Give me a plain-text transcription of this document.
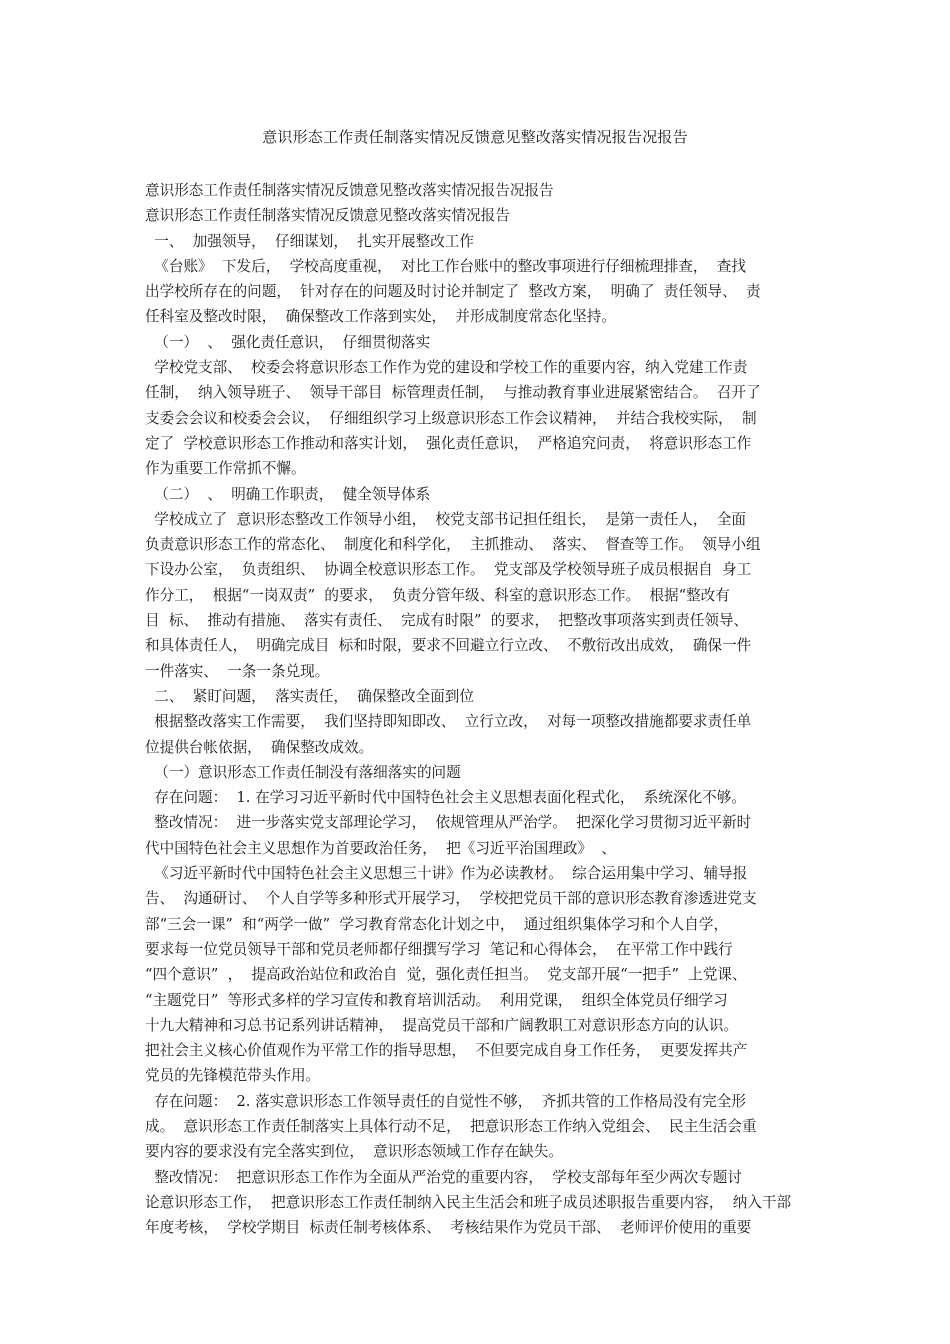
意识形态工作责任制落实情况反馈意见整改落实情况报告况报告
意识形态工作责任制落实情况反馈意见整改落实情况报告况报告
意识形态工作责任制落实情况反馈意见整改落实情况报告
一、  加强领导，  仔细谋划，  扎实开展整改工作
《台账》  下发后，  学校高度重视，  对比工作台账中的整改事项进行仔细梳理排查，  查找
出学校所存在的问题，  针对存在的问题及时讨论并制定了  整改方案，  明确了  责任领导、  责
任科室及整改时限，  确保整改工作落到实处，  并形成制度常态化坚持。
（一）  、  强化责任意识，  仔细贯彻落实
学校党支部、  校委会将意识形态工作作为党的建设和学校工作的重要内容，纳入党建工作责
任制，  纳入领导班子、  领导干部目  标管理责任制，  与推动教育事业进展紧密结合。  召开了
支委会会议和校委会会议，  仔细组织学习上级意识形态工作会议精神，  并结合我校实际，  制
定了  学校意识形态工作推动和落实计划，  强化责任意识，  严格追究问责，  将意识形态工作
作为重要工作常抓不懈。
（二）  、  明确工作职责，  健全领导体系
学校成立了  意识形态整改工作领导小组，  校党支部书记担任组长，  是第一责任人，  全面
负责意识形态工作的常态化、  制度化和科学化，  主抓推动、  落实、  督查等工作。  领导小组
下设办公室，  负责组织、  协调全校意识形态工作。  党支部及学校领导班子成员根据自  身工
作分工，  根据“一岗双责”  的要求，  负责分管年级、科室的意识形态工作。  根据“整改有
目  标、  推动有措施、  落实有责任、  完成有时限”  的要求，  把整改事项落实到责任领导、
和具体责任人，  明确完成目  标和时限，要求不回避立行立改、  不敷衍改出成效，  确保一件
一件落实、  一条一条兑现。
二、  紧盯问题，  落实责任，  确保整改全面到位
根据整改落实工作需要，  我们坚持即知即改、  立行立改，  对每一项整改措施都要求责任单
位提供台帐依据，  确保整改成效。
（一）意识形态工作责任制没有落细落实的问题
存在问题：  1. 在学习习近平新时代中国特色社会主义思想表面化程式化，  系统深化不够。
整改情况：  进一步落实党支部理论学习，  依规管理从严治学。  把深化学习贯彻习近平新时
代中国特色社会主义思想作为首要政治任务，  把《习近平治国理政》  、
《习近平新时代中国特色社会主义思想三十讲》作为必读教材。  综合运用集中学习、辅导报
告、  沟通研讨、  个人自学等多种形式开展学习，  学校把党员干部的意识形态教育渗透进党支
部“三会一课”  和“两学一做”  学习教育常态化计划之中，  通过组织集体学习和个人自学，
要求每一位党员领导干部和党员老师都仔细撰写学习  笔记和心得体会，  在平常工作中践行
“四个意识”  ，  提高政治站位和政治自  觉，强化责任担当。  党支部开展“一把手”  上党课、
“主题党日”  等形式多样的学习宣传和教育培训活动。  利用党课，  组织全体党员仔细学习
十九大精神和习总书记系列讲话精神，  提高党员干部和广阔教职工对意识形态方向的认识。
把社会主义核心价值观作为平常工作的指导思想，  不但要完成自身工作任务，  更要发挥共产
党员的先锋模范带头作用。
存在问题：  2. 落实意识形态工作领导责任的自觉性不够，  齐抓共管的工作格局没有完全形
成。  意识形态工作责任制落实上具体行动不足，  把意识形态工作纳入党组会、  民主生活会重
要内容的要求没有完全落实到位，  意识形态领域工作存在缺失。
整改情况：  把意识形态工作作为全面从严治党的重要内容，  学校支部每年至少两次专题讨
论意识形态工作，  把意识形态工作责任制纳入民主生活会和班子成员述职报告重要内容，  纳入干部
年度考核，  学校学期目  标责任制考核体系、  考核结果作为党员干部、  老师评价使用的重要
